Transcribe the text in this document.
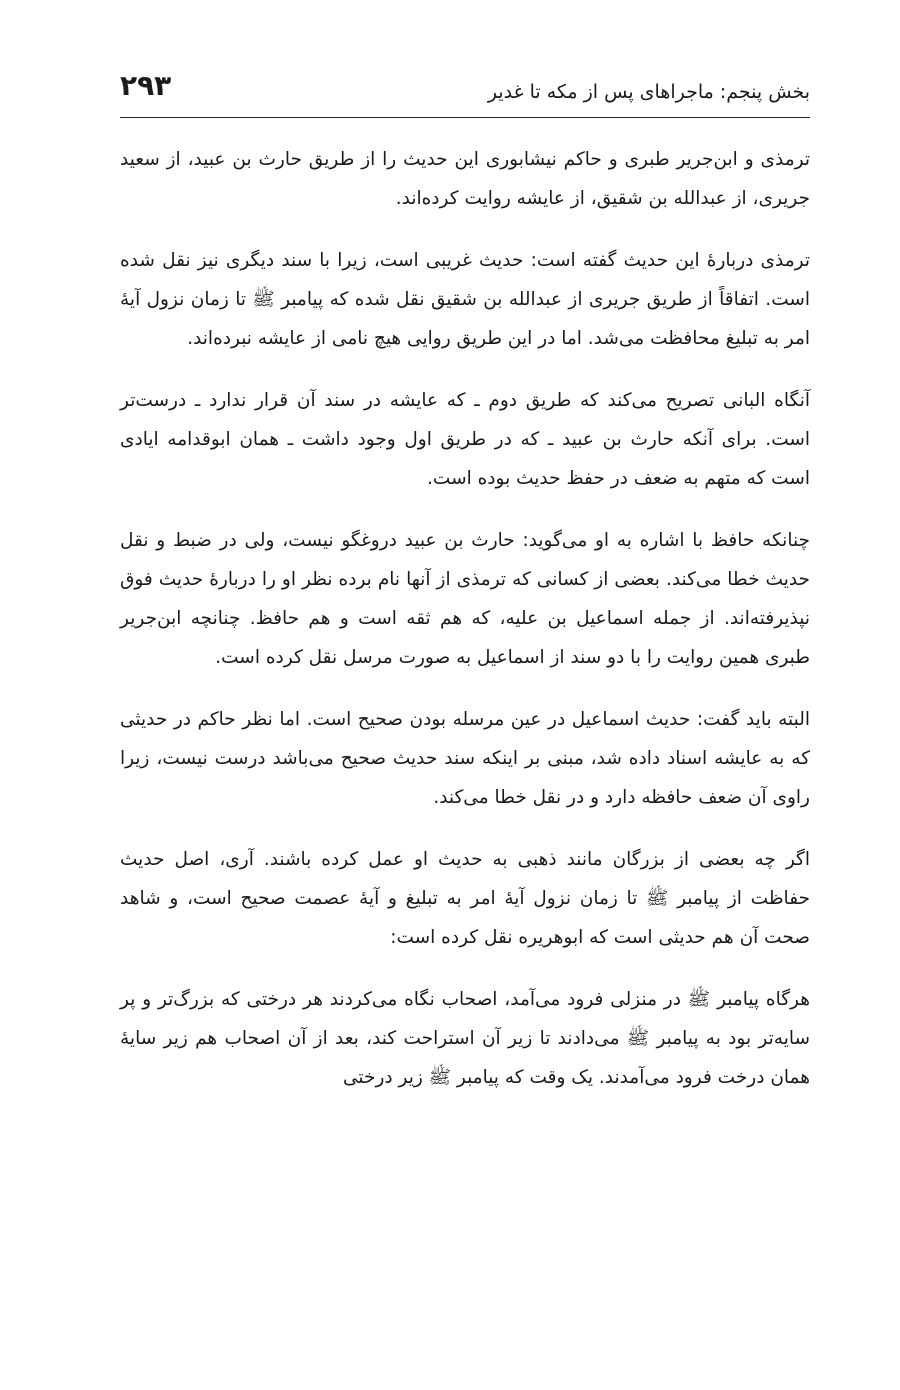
بخش پنجم: ماجراهای پس از مکه تا غدیر
۲۹۳

ترمذی و ابن‌جریر طبری و حاکم نیشابوری این حدیث را از طریق حارث بن عبید، از سعید جریری، از عبدالله بن شقیق، از عایشه روایت کرده‌اند.

ترمذی دربارهٔ این حدیث گفته است: حدیث غریبی است، زیرا با سند دیگری نیز نقل شده است. اتفاقاً از طریق جریری از عبدالله بن شقیق نقل شده که پیامبر ﷺ تا زمان نزول آیهٔ امر به تبلیغ محافظت می‌شد. اما در این طریق روایی هیچ نامی از عایشه نبرده‌اند.

آنگاه البانی تصریح می‌کند که طریق دوم ـ که عایشه در سند آن قرار ندارد ـ درست‌تر است. برای آنکه حارث بن عبید ـ که در طریق اول وجود داشت ـ همان ابوقدامه ایادی است که متهم به ضعف در حفظ حدیث بوده است.

چنانکه حافظ با اشاره به او می‌گوید: حارث بن عبید دروغگو نیست، ولی در ضبط و نقل حدیث خطا می‌کند. بعضی از کسانی که ترمذی از آنها نام برده نظر او را دربارهٔ حدیث فوق نپذیرفته‌اند. از جمله اسماعیل بن علیه، که هم ثقه است و هم حافظ. چنانچه ابن‌جریر طبری همین روایت را با دو سند از اسماعیل به صورت مرسل نقل کرده است.

البته باید گفت: حدیث اسماعیل در عین مرسله بودن صحیح است. اما نظر حاکم در حدیثی که به عایشه اسناد داده شد، مبنی بر اینکه سند حدیث صحیح می‌باشد درست نیست، زیرا راوی آن ضعف حافظه دارد و در نقل خطا می‌کند.

اگر چه بعضی از بزرگان مانند ذهبی به حدیث او عمل کرده باشند. آری، اصل حدیث حفاظت از پیامبر ﷺ تا زمان نزول آیهٔ امر به تبلیغ و آیهٔ عصمت صحیح است، و شاهد صحت آن هم حدیثی است که ابوهریره نقل کرده است:

هرگاه پیامبر ﷺ در منزلی فرود می‌آمد، اصحاب نگاه می‌کردند هر درختی که بزرگ‌تر و پر سایه‌تر بود به پیامبر ﷺ می‌دادند تا زیر آن استراحت کند، بعد از آن اصحاب هم زیر سایهٔ همان درخت فرود می‌آمدند. یک وقت که پیامبر ﷺ زیر درختی
